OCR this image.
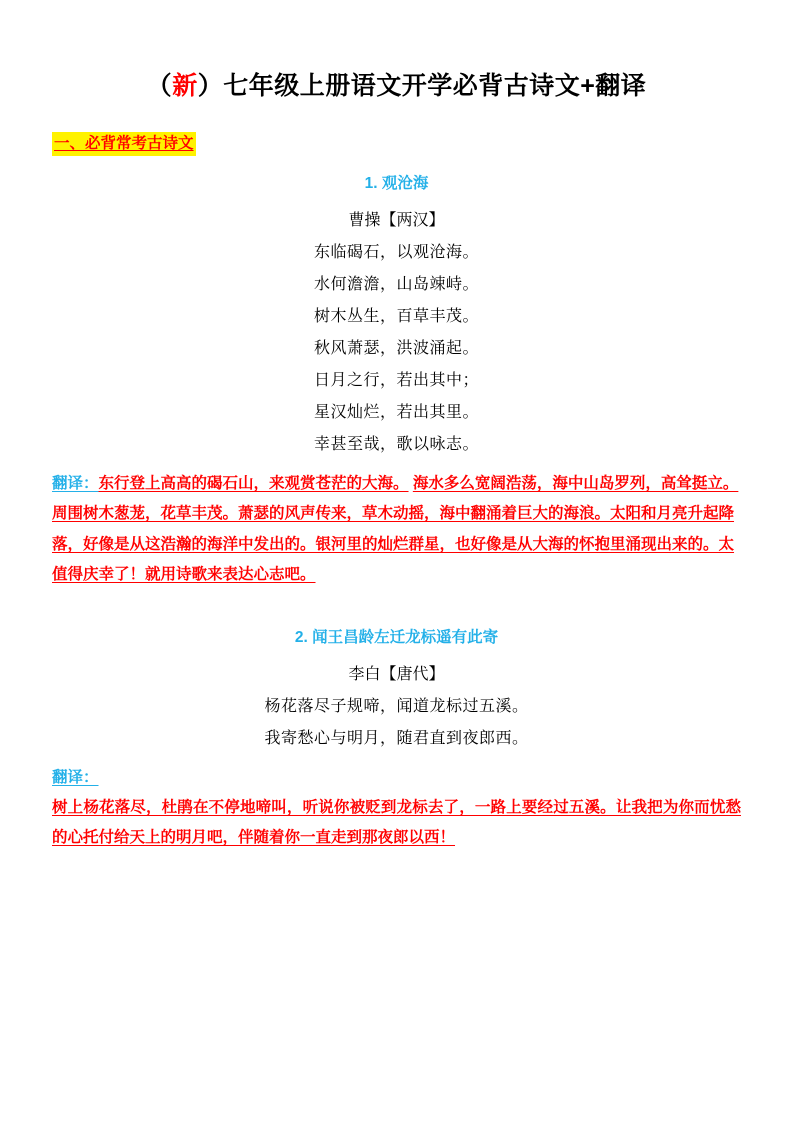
（新）七年级上册语文开学必背古诗文+翻译
一、必背常考古诗文
1. 观沧海
曹操【两汉】
东临碣石，以观沧海。
水何澹澹，山岛竦峙。
树木丛生，百草丰茂。
秋风萧瑟，洪波涌起。
日月之行，若出其中；
星汉灿烂，若出其里。
幸甚至哉，歌以咏志。
翻译：东行登上高高的碣石山，来观赏苍茫的大海。 海水多么宽阔浩荡，海中山岛罗列，高耸挺立。周围树木葱茏，花草丰茂。萧瑟的风声传来，草木动摇，海中翻涌着巨大的海浪。太阳和月亮升起降落，好像是从这浩瀚的海洋中发出的。银河里的灿烂群星，也好像是从大海的怀抱里涌现出来的。太值得庆幸了！就用诗歌来表达心志吧。
2. 闻王昌龄左迁龙标遥有此寄
李白【唐代】
杨花落尽子规啼，闻道龙标过五溪。
我寄愁心与明月，随君直到夜郎西。
翻译：
树上杨花落尽，杜鹃在不停地啼叫，听说你被贬到龙标去了，一路上要经过五溪。让我把为你而忧愁的心托付给天上的明月吧，伴随着你一直走到那夜郎以西！
